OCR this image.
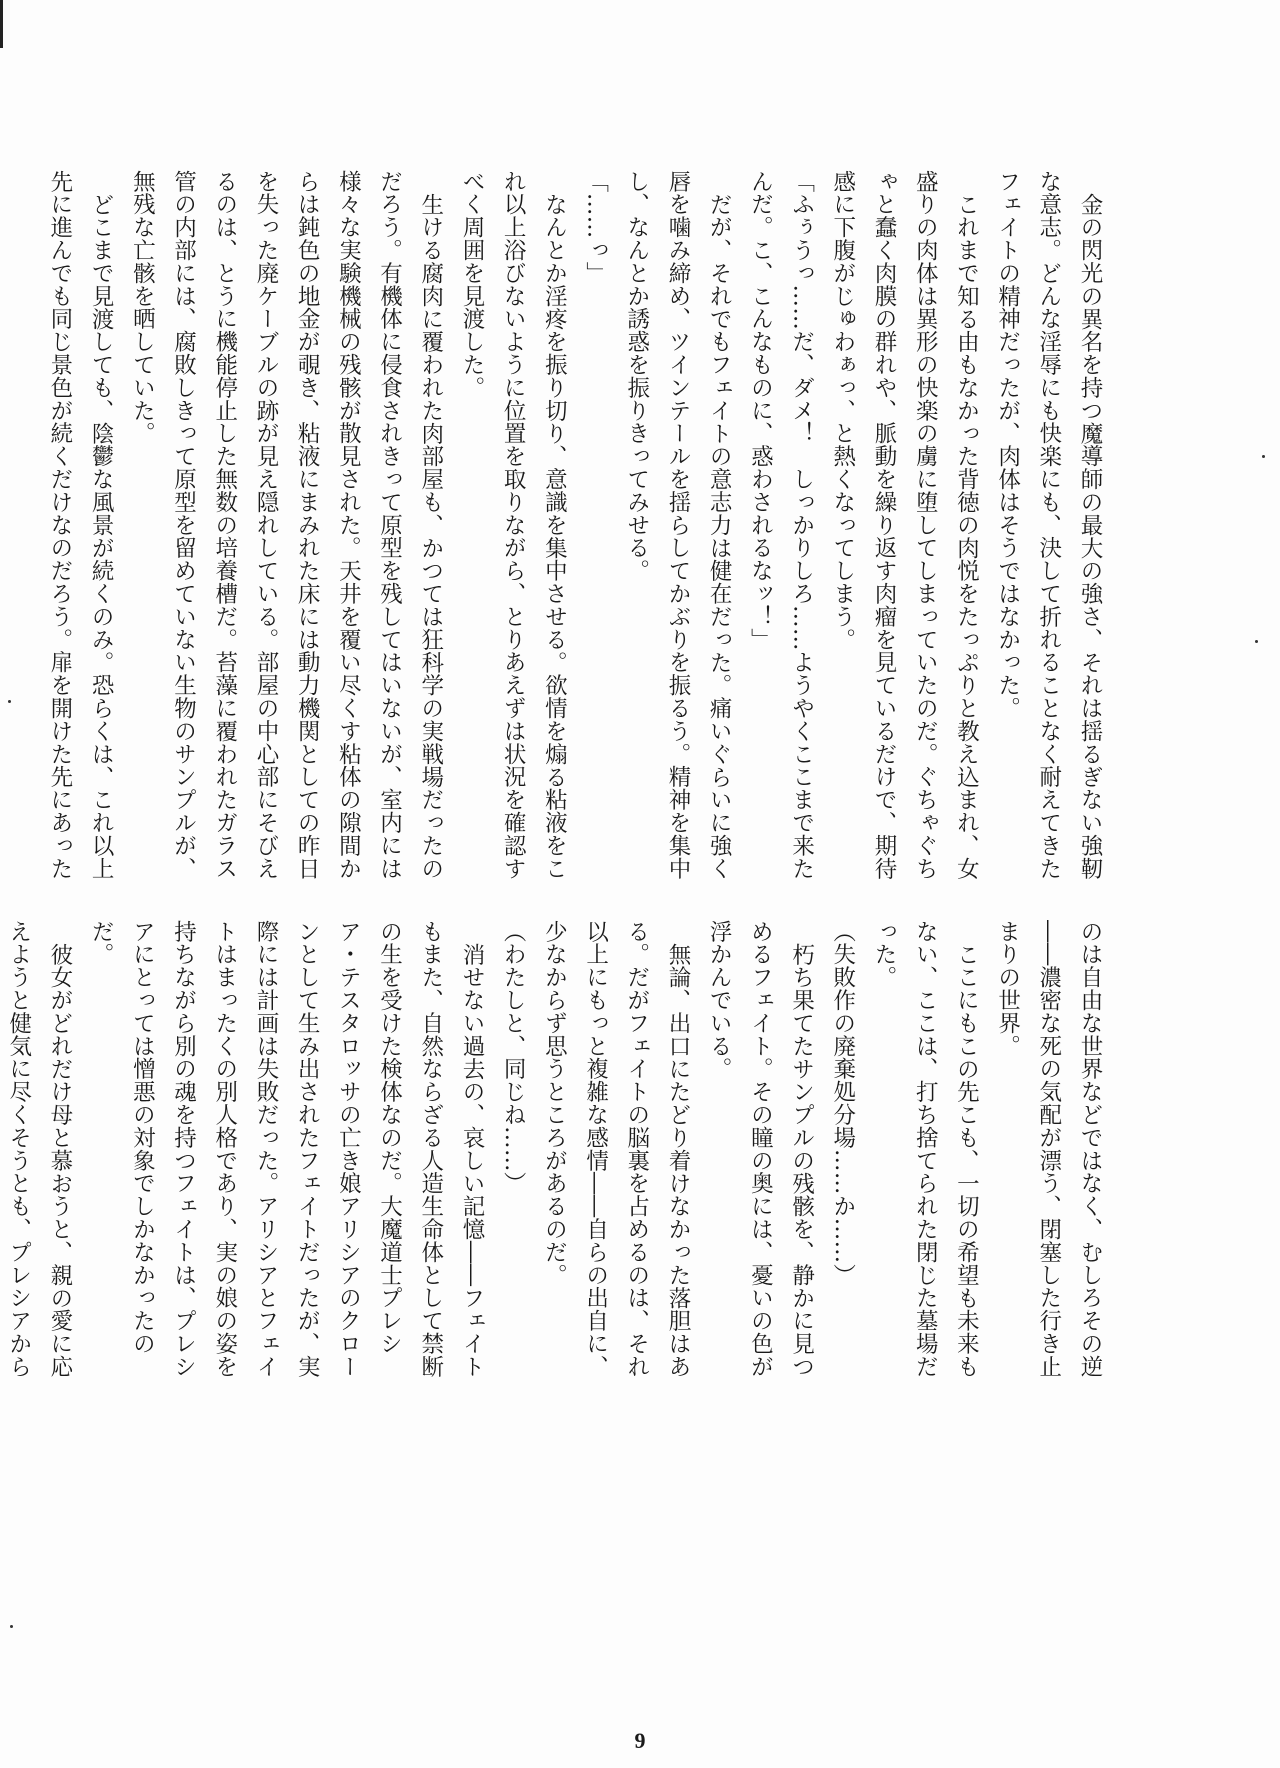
金の閃光の異名を持つ魔導師の最大の強さ、それは揺るぎない強靭な意志。どんな淫辱にも快楽にも、決して折れることなく耐えてきたフェイトの精神だったが、肉体はそうではなかった。

これまで知る由もなかった背徳の肉悦をたっぷりと教え込まれ、女盛りの肉体は異形の快楽の虜に堕してしまっていたのだ。ぐちゃぐちゃと蠢く肉膜の群れや、脈動を繰り返す肉瘤を見ているだけで、期待感に下腹がじゅわぁっ、と熱くなってしまう。

「ふぅうっ……だ、ダメ！　しっかりしろ……ようやくここまで来たんだ。こ、こんなものに、惑わされるなッ！」

だが、それでもフェイトの意志力は健在だった。痛いぐらいに強く唇を噛み締め、ツインテールを揺らしてかぶりを振るう。精神を集中し、なんとか誘惑を振りきってみせる。

「……っ」

なんとか淫疼を振り切り、意識を集中させる。欲情を煽る粘液をこれ以上浴びないように位置を取りながら、とりあえずは状況を確認すべく周囲を見渡した。

生ける腐肉に覆われた肉部屋も、かつては狂科学の実戦場だったのだろう。有機体に侵食されきって原型を残してはいないが、室内には様々な実験機械の残骸が散見された。天井を覆い尽くす粘体の隙間からは鈍色の地金が覗き、粘液にまみれた床には動力機関としての昨日を失った廃ケーブルの跡が見え隠れしている。部屋の中心部にそびえるのは、とうに機能停止した無数の培養槽だ。苔藻に覆われたガラス管の内部には、腐敗しきって原型を留めていない生物のサンプルが、無残な亡骸を晒していた。

どこまで見渡しても、陰鬱な風景が続くのみ。恐らくは、これ以上先に進んでも同じ景色が続くだけなのだろう。扉を開けた先にあった

のは自由な世界などではなく、むしろその逆――濃密な死の気配が漂う、閉塞した行き止まりの世界。

ここにもこの先こも、一切の希望も未来もない、ここは、打ち捨てられた閉じた墓場だった。

（失敗作の廃棄処分場……か……）

朽ち果てたサンプルの残骸を、静かに見つめるフェイト。その瞳の奥には、憂いの色が浮かんでいる。

無論、出口にたどり着けなかった落胆はある。だがフェイトの脳裏を占めるのは、それ以上にもっと複雑な感情――自らの出自に、少なからず思うところがあるのだ。

（わたしと、同じね……）

消せない過去の、哀しい記憶――フェイトもまた、自然ならざる人造生命体として禁断の生を受けた検体なのだ。大魔道士プレシア・テスタロッサの亡き娘アリシアのクローンとして生み出されたフェイトだったが、実際には計画は失敗だった。アリシアとフェイトはまったくの別人格であり、実の娘の姿を持ちながら別の魂を持つフェイトは、プレシアにとっては憎悪の対象でしかなかったのだ。

彼女がどれだけ母と慕おうと、親の愛に応えようと健気に尽くそうとも、プレシアから

9
